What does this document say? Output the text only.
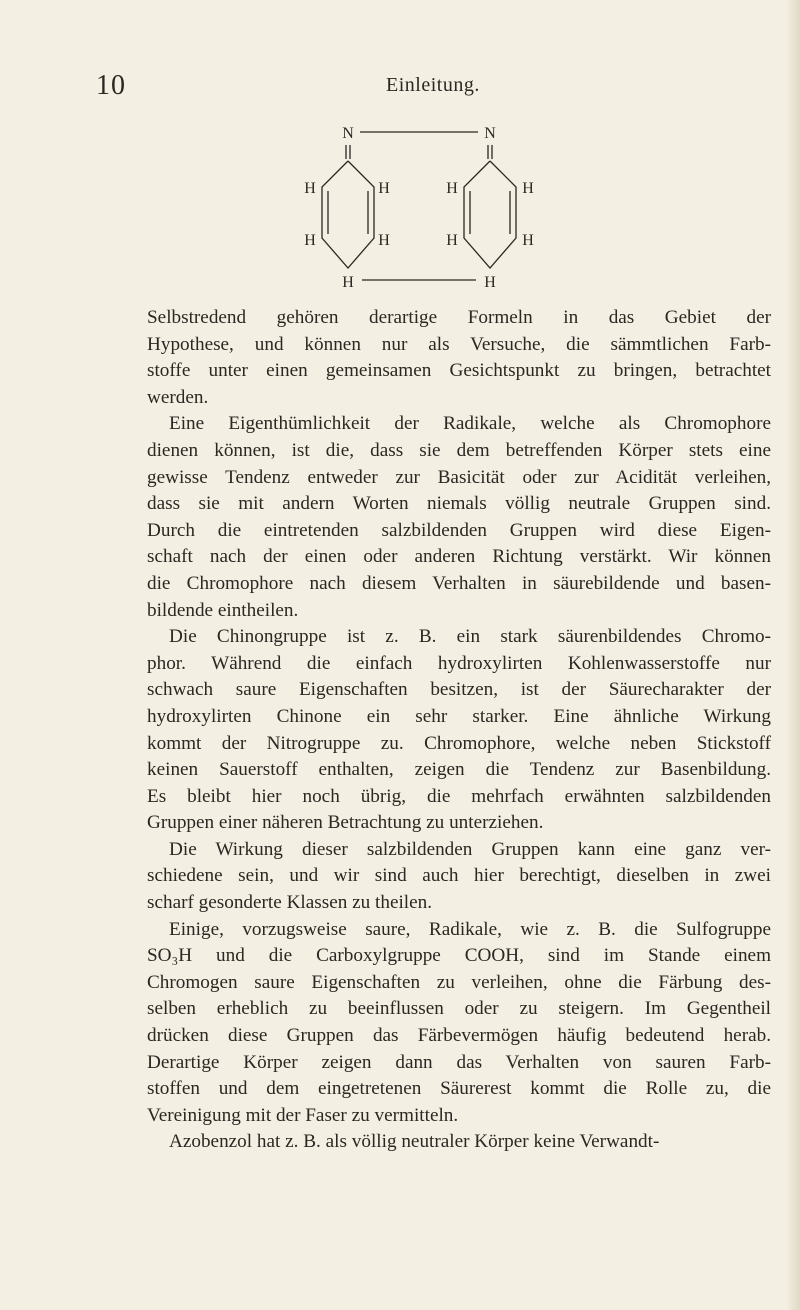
10	Einleitung.
N	N
H	H
H	H
H
H	H
H	H
H

Selbstredend gehören derartige Formeln in das Gebiet der
Hypothese, und können nur als Versuche, die sämmtlichen Farb-
stoffe unter einen gemeinsamen Gesichtspunkt zu bringen, betrachtet
werden.

Eine Eigenthümlichkeit der Radikale, welche als Chromophore
dienen können, ist die, dass sie dem betreffenden Körper stets eine
gewisse Tendenz entweder zur Basicität oder zur Acidität verleihen,
dass sie mit andern Worten niemals völlig neutrale Gruppen sind.
Durch die eintretenden salzbildenden Gruppen wird diese Eigen-
schaft nach der einen oder anderen Richtung verstärkt. Wir können
die Chromophore nach diesem Verhalten in säurebildende und basen-
bildende eintheilen.

Die Chinongruppe ist z. B. ein stark säurenbildendes Chromo-
phor. Während die einfach hydroxylirten Kohlenwasserstoffe nur
schwach saure Eigenschaften besitzen, ist der Säurecharakter der
hydroxylirten Chinone ein sehr starker. Eine ähnliche Wirkung
kommt der Nitrogruppe zu. Chromophore, welche neben Stickstoff
keinen Sauerstoff enthalten, zeigen die Tendenz zur Basenbildung.
Es bleibt hier noch übrig, die mehrfach erwähnten salzbildenden
Gruppen einer näheren Betrachtung zu unterziehen.

Die Wirkung dieser salzbildenden Gruppen kann eine ganz ver-
schiedene sein, und wir sind auch hier berechtigt, dieselben in zwei
scharf gesonderte Klassen zu theilen.

Einige, vorzugsweise saure, Radikale, wie z. B. die Sulfogruppe
SO₃H und die Carboxylgruppe COOH, sind im Stande einem
Chromogen saure Eigenschaften zu verleihen, ohne die Färbung des-
selben erheblich zu beeinflussen oder zu steigern. Im Gegentheil
drücken diese Gruppen das Färbevermögen häufig bedeutend herab.
Derartige Körper zeigen dann das Verhalten von sauren Farb-
stoffen und dem eingetretenen Säurerest kommt die Rolle zu, die
Vereinigung mit der Faser zu vermitteln.

Azobenzol hat z. B. als völlig neutraler Körper keine Verwandt-
